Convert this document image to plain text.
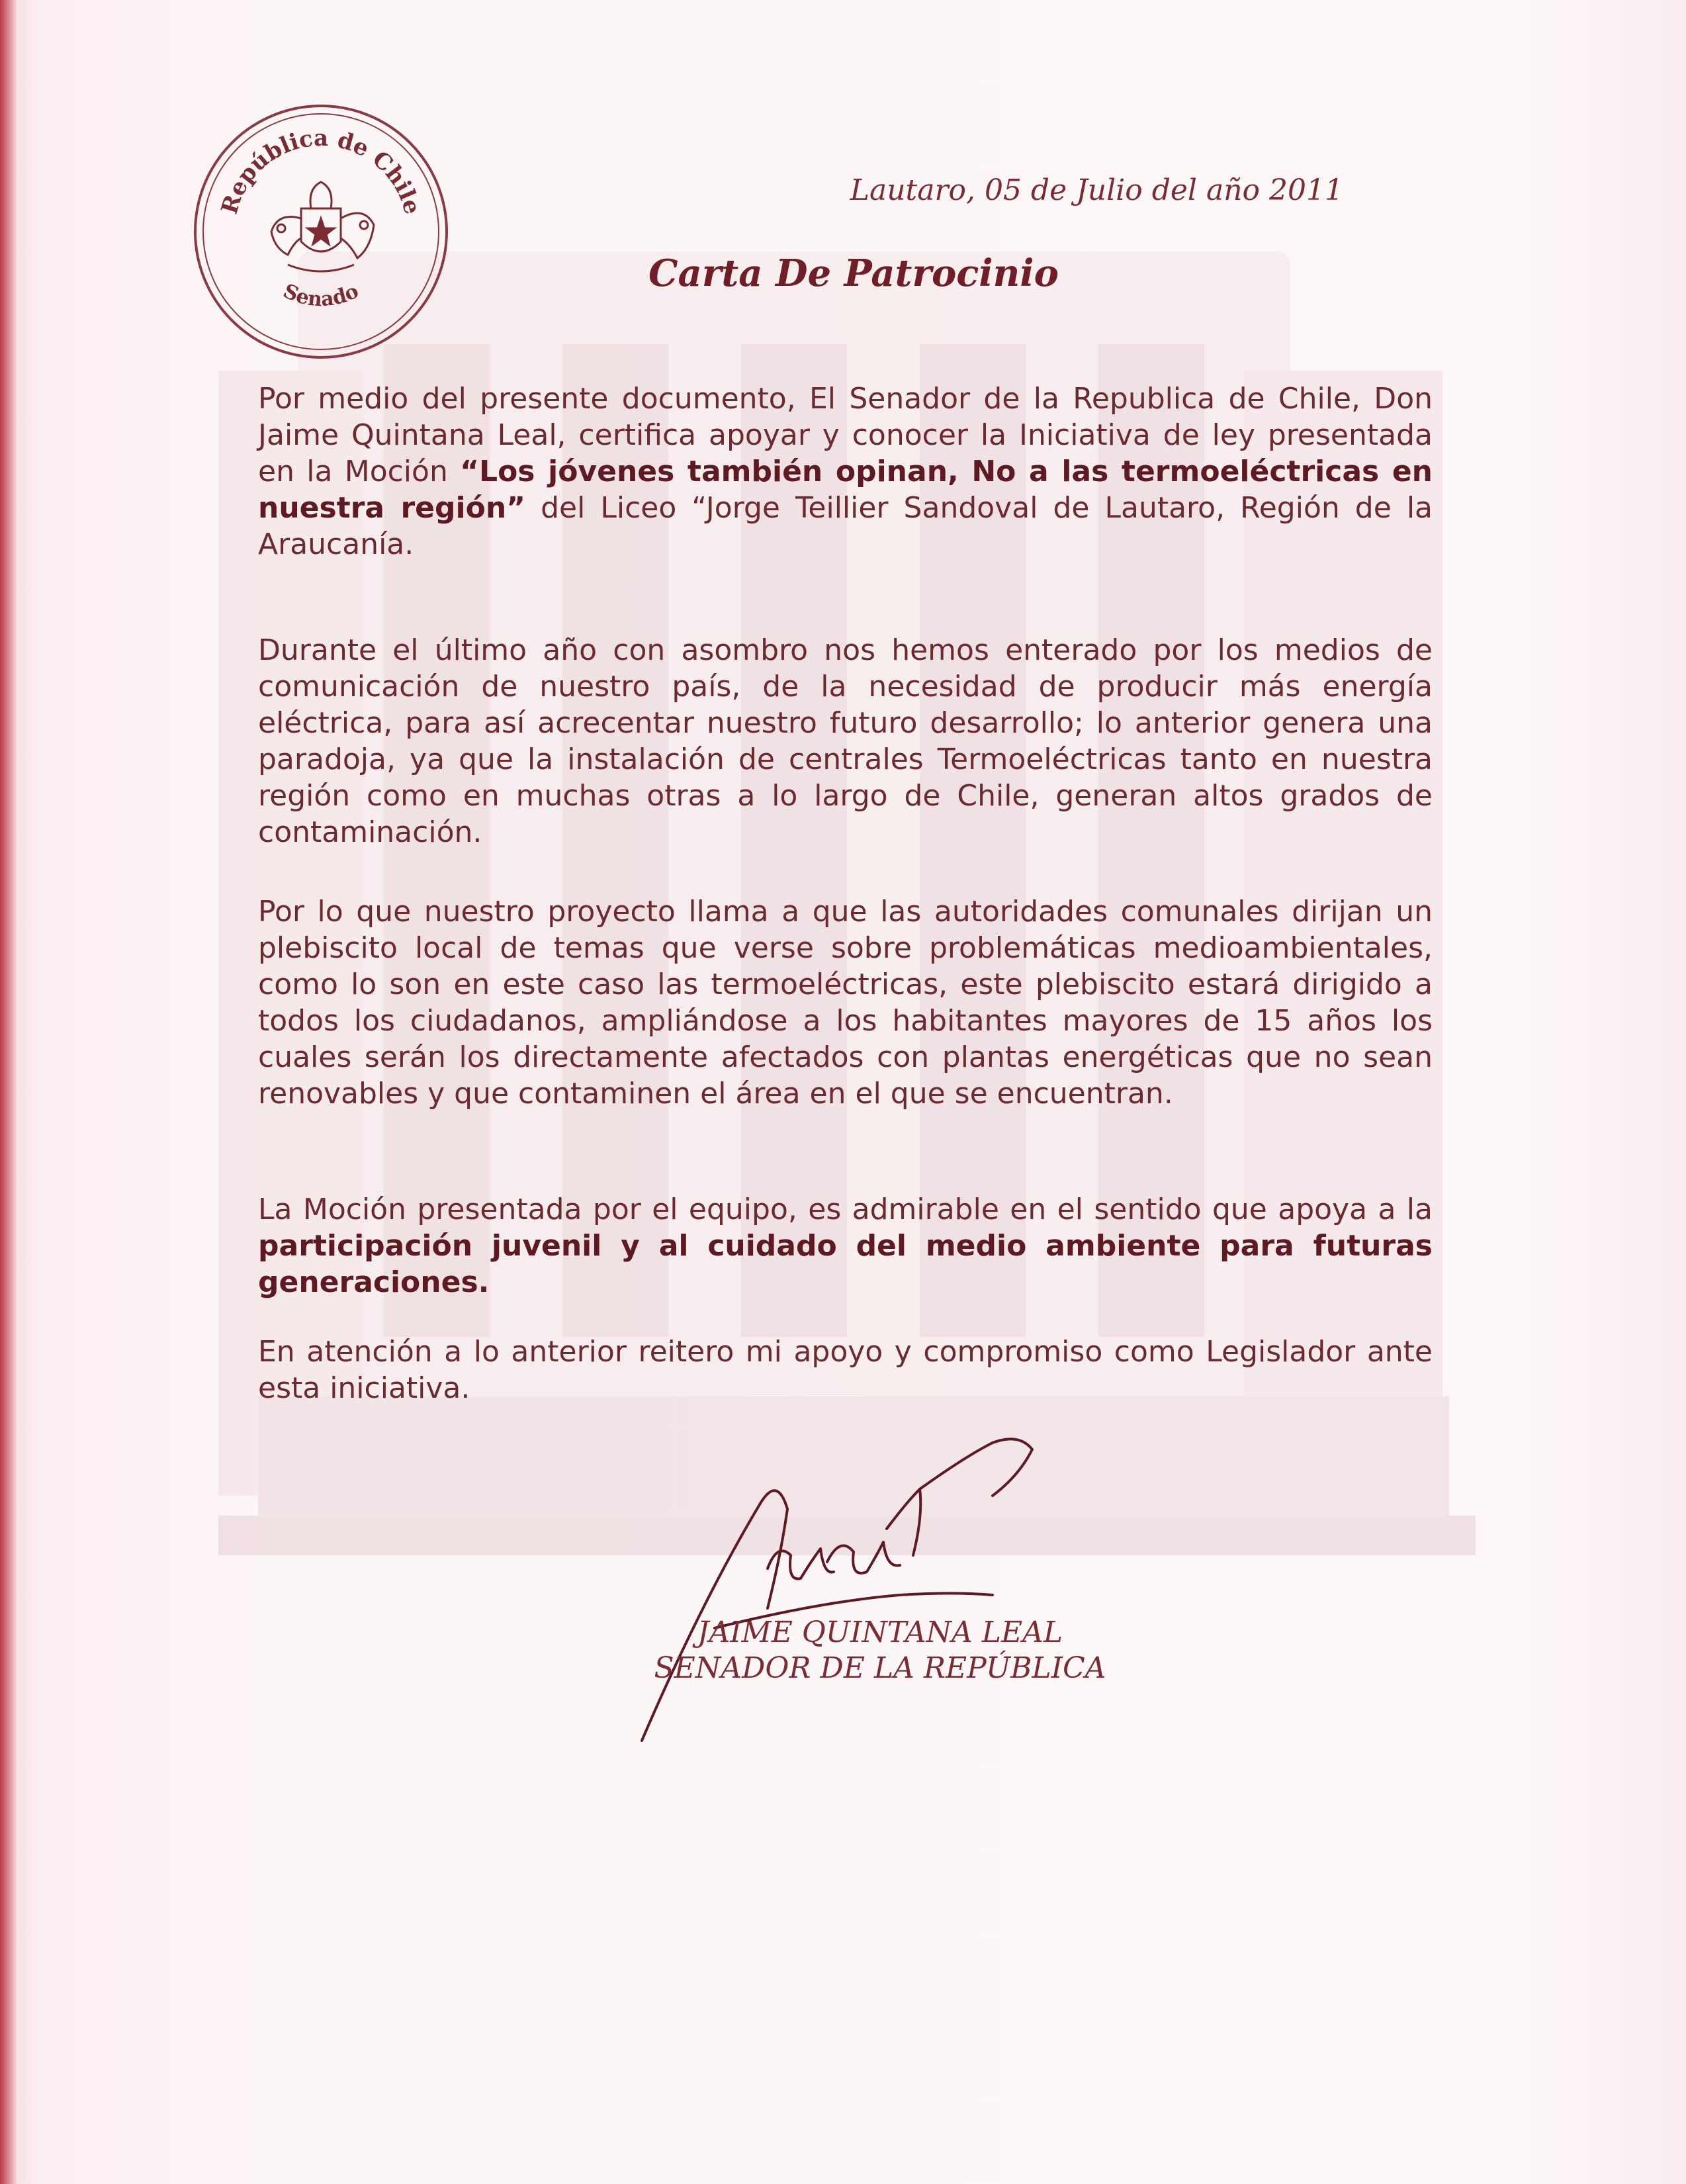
República de Chile
Senado
Lautaro, 05 de Julio del año 2011
Carta De Patrocinio
Por medio del presente documento, El Senador de la Republica de Chile, Don Jaime Quintana Leal, certifica apoyar y conocer la Iniciativa de ley presentada en la Moción “Los jóvenes también opinan, No a las termoeléctricas en nuestra región” del Liceo “Jorge Teillier Sandoval de Lautaro, Región de la Araucanía.
Durante el último año con asombro nos hemos enterado por los medios de comunicación de nuestro país, de la necesidad de producir más energía eléctrica, para así acrecentar nuestro futuro desarrollo; lo anterior genera una paradoja, ya que la instalación de centrales Termoeléctricas tanto en nuestra región como en muchas otras a lo largo de Chile, generan altos grados de contaminación.
Por lo que nuestro proyecto llama a que las autoridades comunales dirijan un plebiscito local de temas que verse sobre problemáticas medioambientales, como lo son en este caso las termoeléctricas, este plebiscito estará dirigido a todos los ciudadanos, ampliándose a los habitantes mayores de 15 años los cuales serán los directamente afectados con plantas energéticas que no sean renovables y que contaminen el área en el que se encuentran.
La Moción presentada por el equipo, es admirable en el sentido que apoya a la participación juvenil y al cuidado del medio ambiente para futuras generaciones.
En atención a lo anterior reitero mi apoyo y compromiso como Legislador ante esta iniciativa.
JAIME QUINTANA LEAL
SENADOR DE LA REPÚBLICA
